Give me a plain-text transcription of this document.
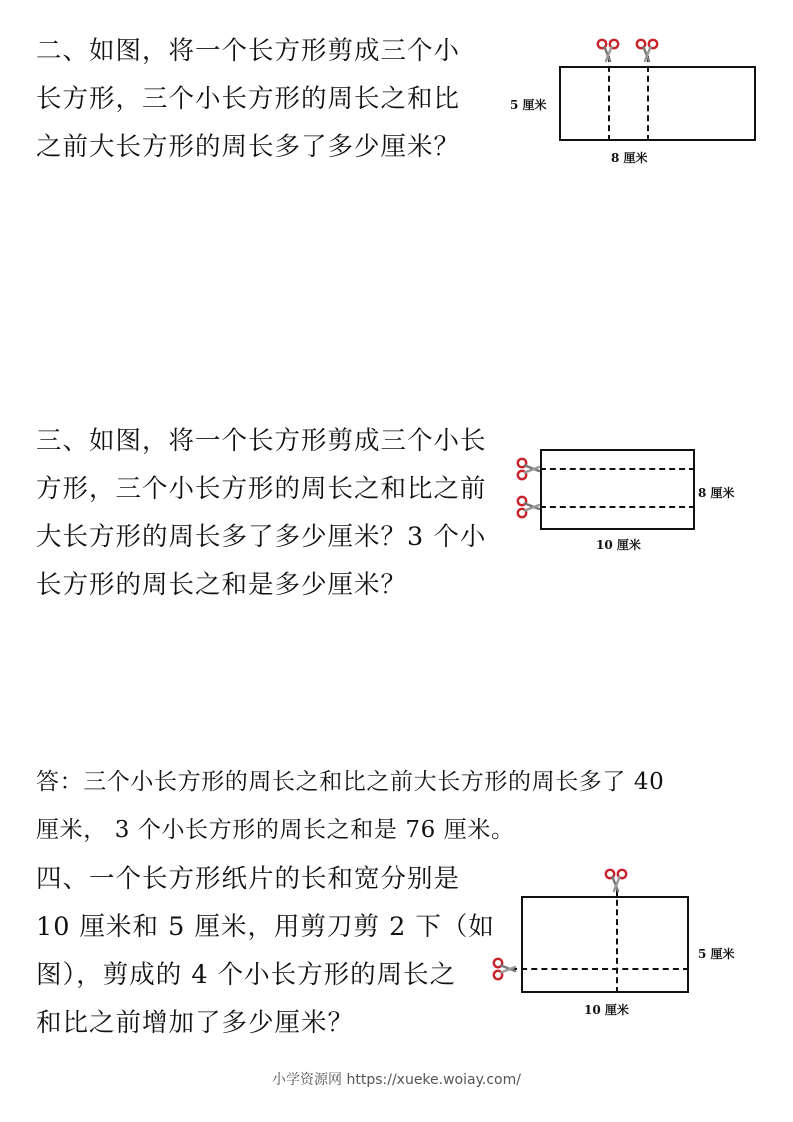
二、如图，将一个长方形剪成三个小

长方形，三个小长方形的周长之和比

之前大长方形的周长多了多少厘米？

5 厘米
8 厘米

三、如图，将一个长方形剪成三个小长

方形，三个小长方形的周长之和比之前

大长方形的周长多了多少厘米？3 个小

长方形的周长之和是多少厘米？

8 厘米
10 厘米

答：三个小长方形的周长之和比之前大长方形的周长多了 40

厘米， 3 个小长方形的周长之和是 76 厘米。

四、一个长方形纸片的长和宽分别是

10 厘米和 5 厘米，用剪刀剪 2 下（如

图），剪成的 4 个小长方形的周长之

和比之前增加了多少厘米？

5 厘米
10 厘米
小学资源网 https://xueke.woiay.com/
